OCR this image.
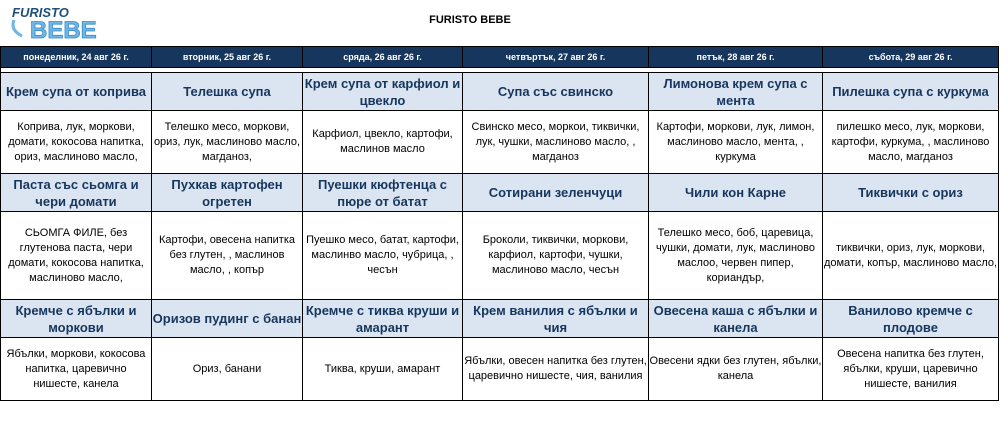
FURISTO
BEBE	FURISTO BEBE
понеделник, 24 авг 26 г.	вторник, 25 авг 26 г.	сряда, 26 авг 26 г.	четвъртък, 27 авг 26 г.	петък, 28 авг 26 г.	събота, 29 авг 26 г.

Крем супа от коприва	Телешка супа	Крем супа от карфиол и цвекло	Супа със свинско	Лимонова крем супа с мента	Пилешка супа с куркума
Коприва, лук, моркови, домати, кокосова напитка, ориз, маслиново масло,	Телешко месо, моркови, ориз, лук, маслиново масло, магданоз,	Карфиол, цвекло, картофи, маслинов масло	Свинско месо, моркои, тиквички, лук, чушки, маслиново масло, , магданоз	Картофи, моркови, лук, лимон, маслиново масло, мента, , куркума	пилешко месо, лук, моркови, картофи, куркума, , маслиново масло, магданоз
Паста със сьомга и чери домати	Пухкав картофен огретен	Пуешки кюфтенца с пюре от батат	Сотирани зеленчуци	Чили кон Карне	Тиквички с ориз
СЬОМГА ФИЛЕ, без глутенова паста, чери домати, кокосова напитка, маслиново масло,	Картофи, овесена напитка без глутен, , маслинов масло, , копър	Пуешко месо, батат, картофи, маслинво масло, чубрица, , чесън	Броколи, тиквички, моркови, карфиол, картофи, чушки, маслиново масло, чесън	Телешко месо, боб, царевица, чушки, домати, лук, маслиново маслоо, червен пипер, кориандър,	тиквички, ориз, лук, моркови, домати, копър, маслиново масло,
Кремче с ябълки и моркови	Оризов пудинг с банан	Кремче с тиква круши и амарант	Крем ванилия с ябълки и чия	Овесена каша с ябълки и канела	Ванилово кремче с плодове
Ябълки, моркови, кокосова напитка, царевично нишесте, канела	Ориз, банани	Тиква, круши, амарант	Ябълки, овесен напитка без глутен, царевично нишесте, чия, ванилия	Овесени ядки без глутен, ябълки, канела	Овесена напитка без глутен, ябълки, круши, царевично нишесте, ванилия
